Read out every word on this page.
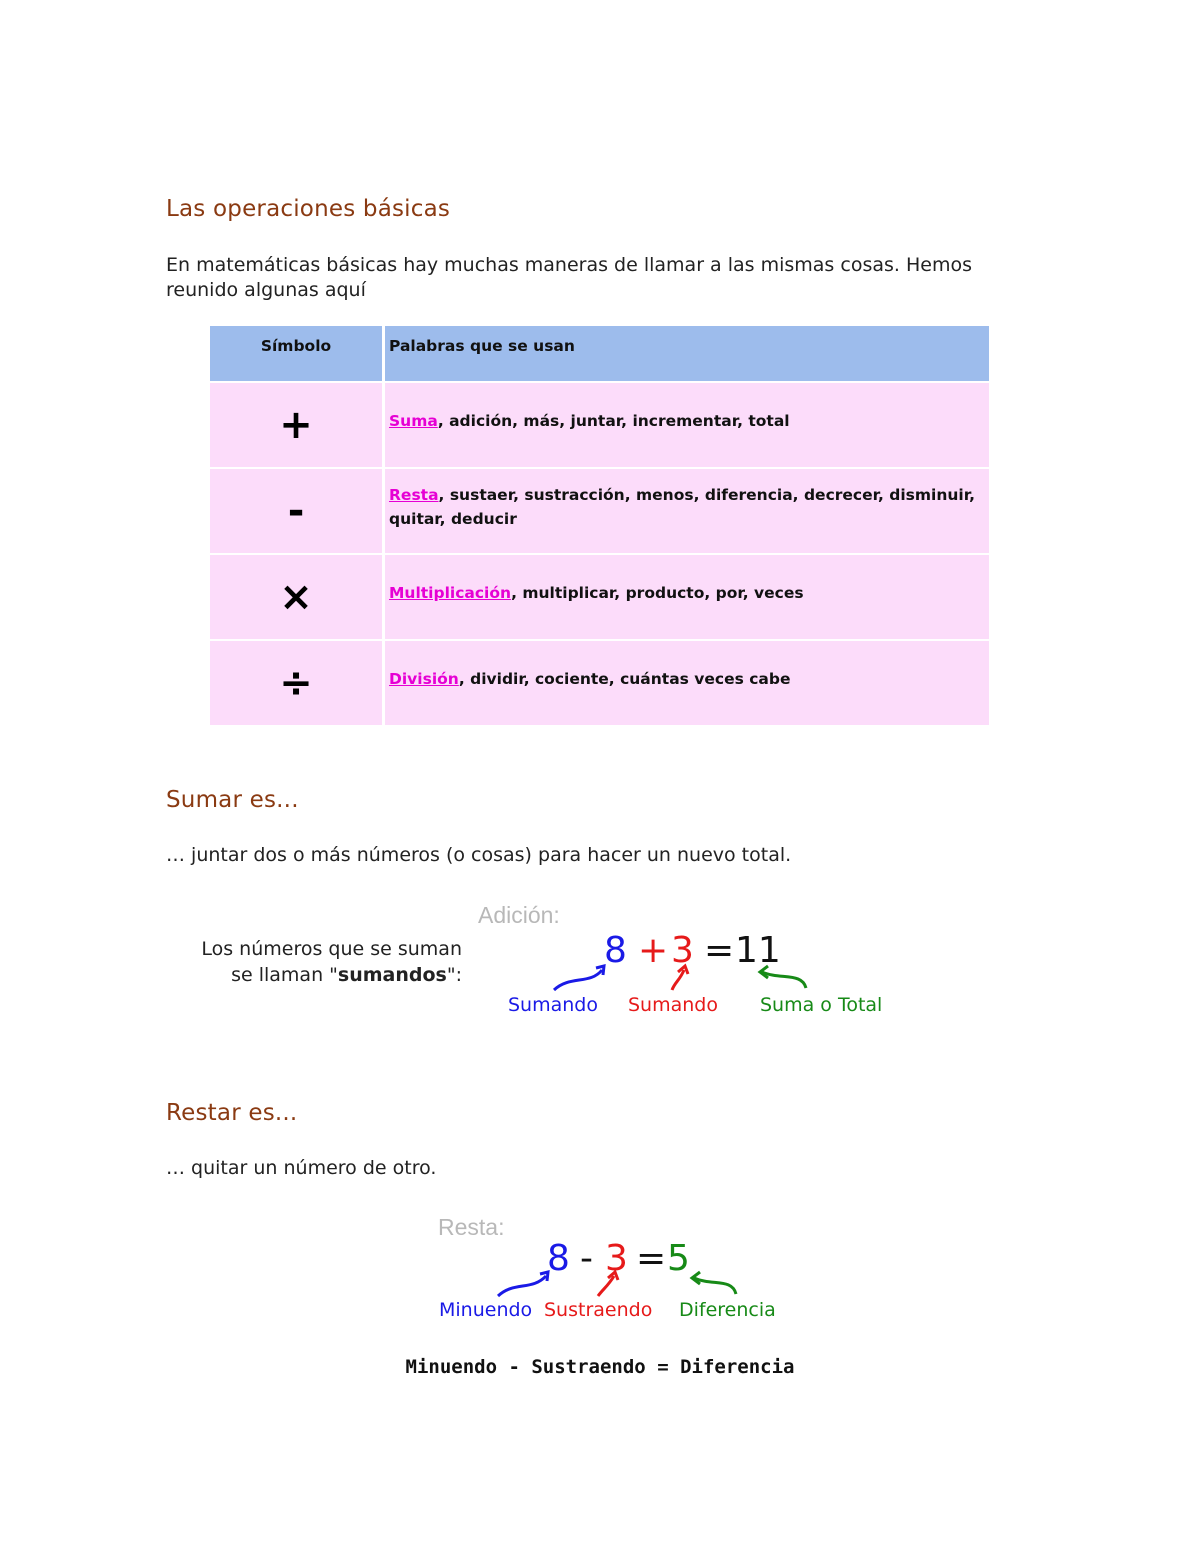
Las operaciones básicas

En matemáticas básicas hay muchas maneras de llamar a las mismas cosas. Hemos reunido algunas aquí

Símbolo	Palabras que se usan

+	Suma, adición, más, juntar, incrementar, total

-	Resta, sustaer, sustracción, menos, diferencia, decrecer, disminuir, quitar, deducir

×	Multiplicación, multiplicar, producto, por, veces

÷	División, dividir, cociente, cuántas veces cabe
Sumar es...

… juntar dos o más números (o cosas) para hacer un nuevo total.

Los números que se suman
se llaman "sumandos":
Adición:
8 + 3 = 11
Sumando Sumando Suma o Total
Restar es...

… quitar un número de otro.

Resta:
8 - 3 = 5
Minuendo Sustraendo Diferencia
Minuendo - Sustraendo = Diferencia
